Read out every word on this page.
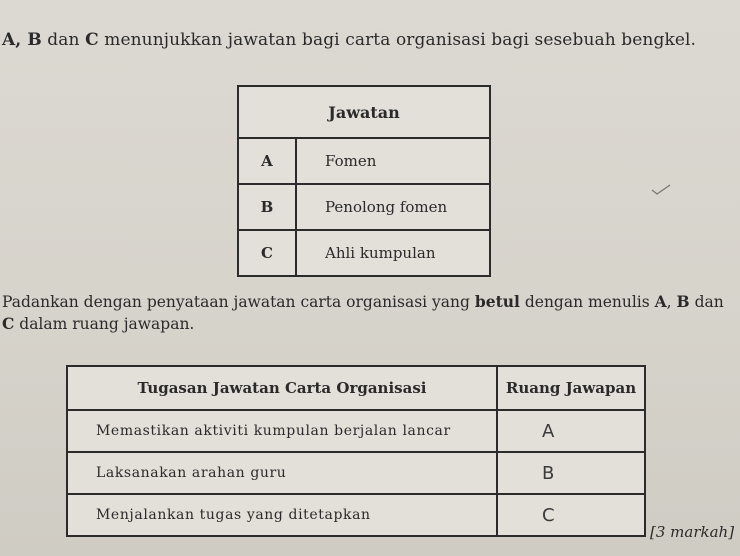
A, B dan C menunjukkan jawatan bagi carta organisasi bagi sesebuah bengkel.
Jawatan	
A	Fomen
B	Penolong fomen
C	Ahli kumpulan
Padankan dengan penyataan jawatan carta organisasi yang betul dengan menulis A, B dan
C dalam ruang jawapan.
Tugasan Jawatan Carta Organisasi	Ruang Jawapan
Memastikan aktiviti kumpulan berjalan lancar	A
Laksanakan arahan guru	B
Menjalankan tugas yang ditetapkan	C
[3 markah]
